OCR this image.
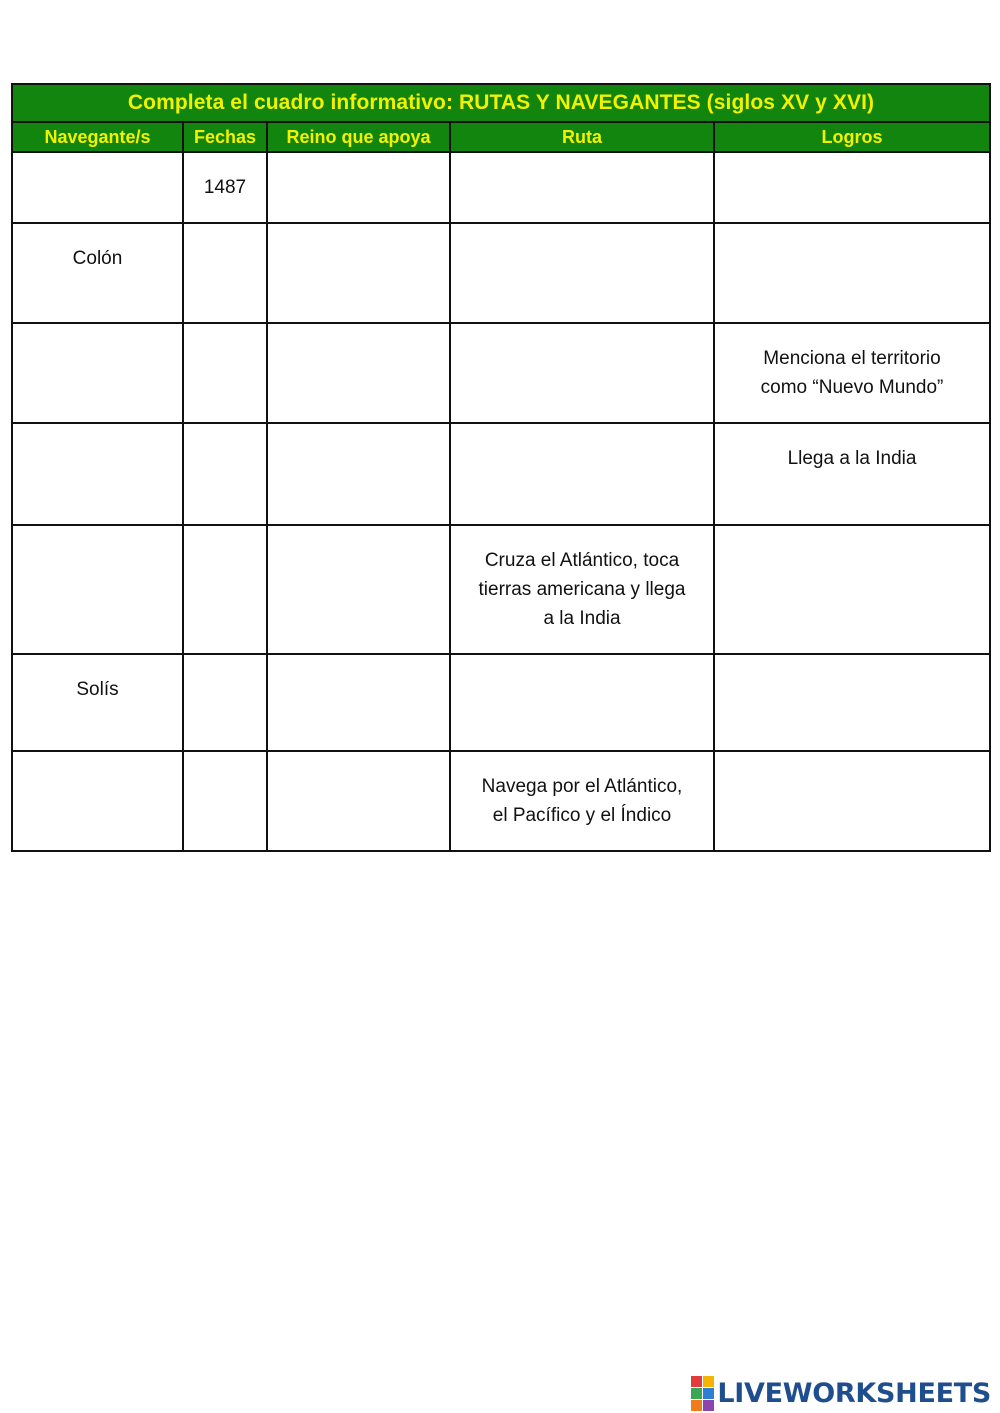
Completa el cuadro informativo: RUTAS Y NAVEGANTES (siglos XV y XVI)				
Navegante/s	Fechas	Reino que apoya	Ruta	Logros

	1487			

Colón				

				Menciona el territorio
como “Nuevo Mundo”

				Llega a la India

			Cruza el Atlántico, toca
tierras americana y llega
a la India	

Solís				

			Navega por el Atlántico,
el Pacífico y el Índico	

LIVEWORKSHEETS
